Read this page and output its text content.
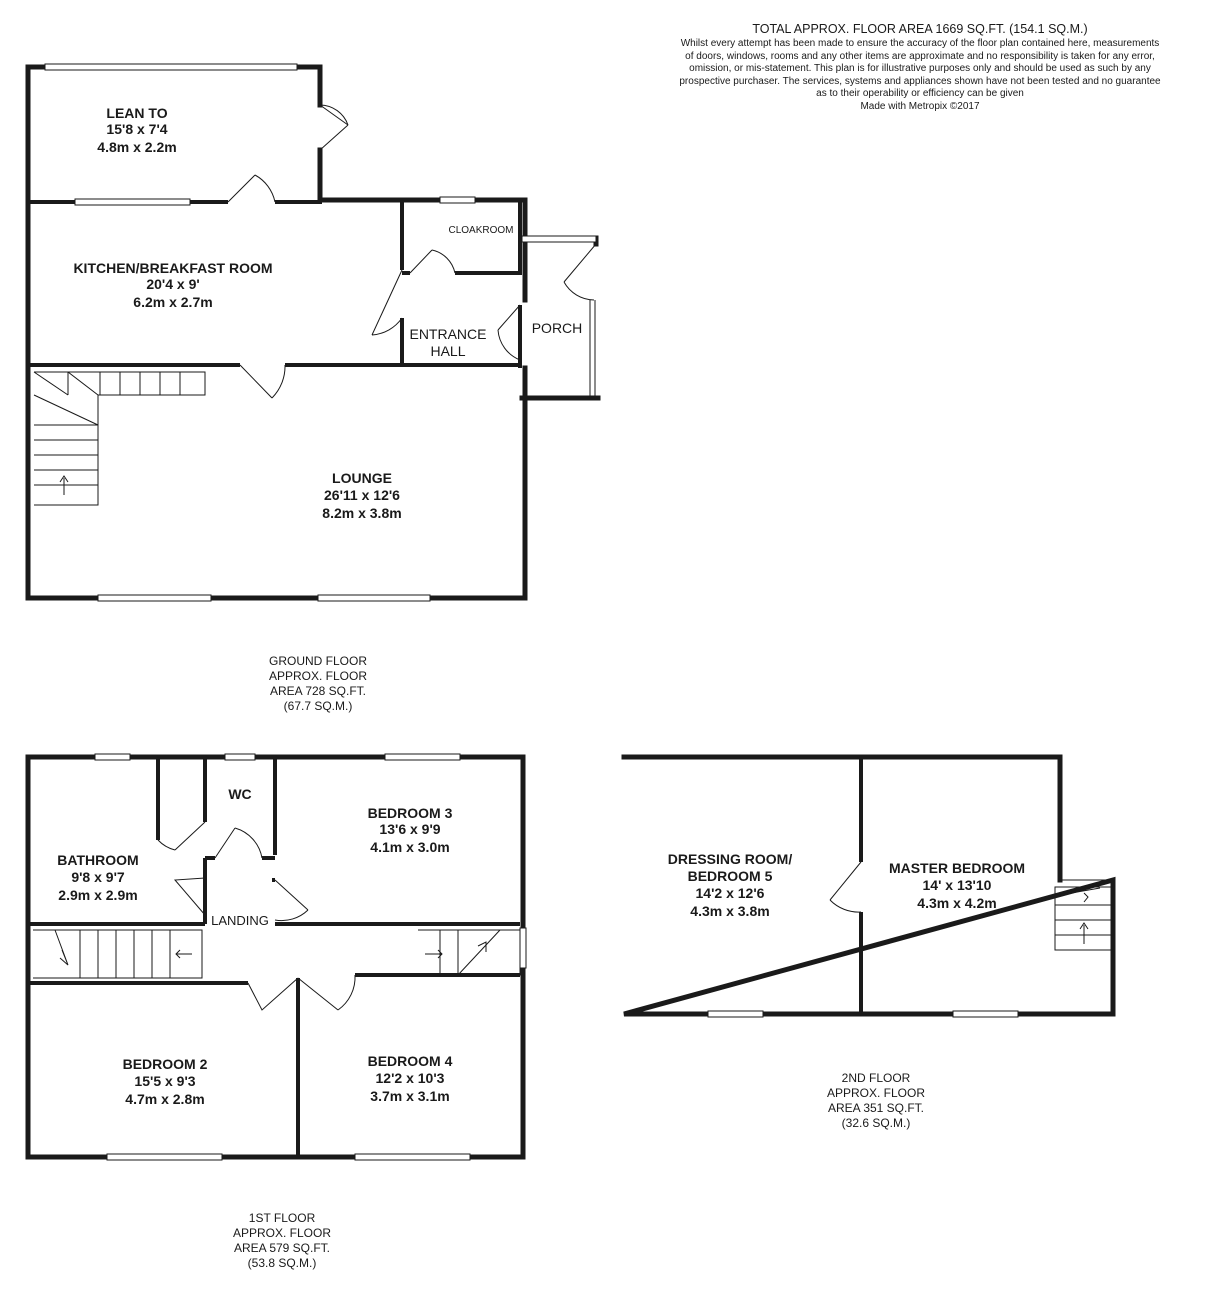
TOTAL APPROX. FLOOR AREA 1669 SQ.FT. (154.1 SQ.M.)
Whilst every attempt has been made to ensure the accuracy of the floor plan contained here, measurements
of doors, windows, rooms and any other items are approximate and no responsibility is taken for any error,
omission, or mis-statement. This plan is for illustrative purposes only and should be used as such by any
prospective purchaser. The services, systems and appliances shown have not been tested and no guarantee
as to their operability or efficiency can be given
Made with Metropix ©2017
LEAN TO
15'8 x 7'4
4.8m x 2.2m
KITCHEN/BREAKFAST ROOM
20'4 x 9'
6.2m x 2.7m
CLOAKROOM
ENTRANCE
HALL
PORCH
LOUNGE
26'11 x 12'6
8.2m x 3.8m
GROUND FLOOR
APPROX. FLOOR
AREA 728 SQ.FT.
(67.7 SQ.M.)
BATHROOM
9'8 x 9'7
2.9m x 2.9m
WC
BEDROOM 3
13'6 x 9'9
4.1m x 3.0m
LANDING
BEDROOM 2
15'5 x 9'3
4.7m x 2.8m
BEDROOM 4
12'2 x 10'3
3.7m x 3.1m
1ST FLOOR
APPROX. FLOOR
AREA 579 SQ.FT.
(53.8 SQ.M.)
DRESSING ROOM/
BEDROOM 5
14'2 x 12'6
4.3m x 3.8m
MASTER BEDROOM
14' x 13'10
4.3m x 4.2m
2ND FLOOR
APPROX. FLOOR
AREA 351 SQ.FT.
(32.6 SQ.M.)
